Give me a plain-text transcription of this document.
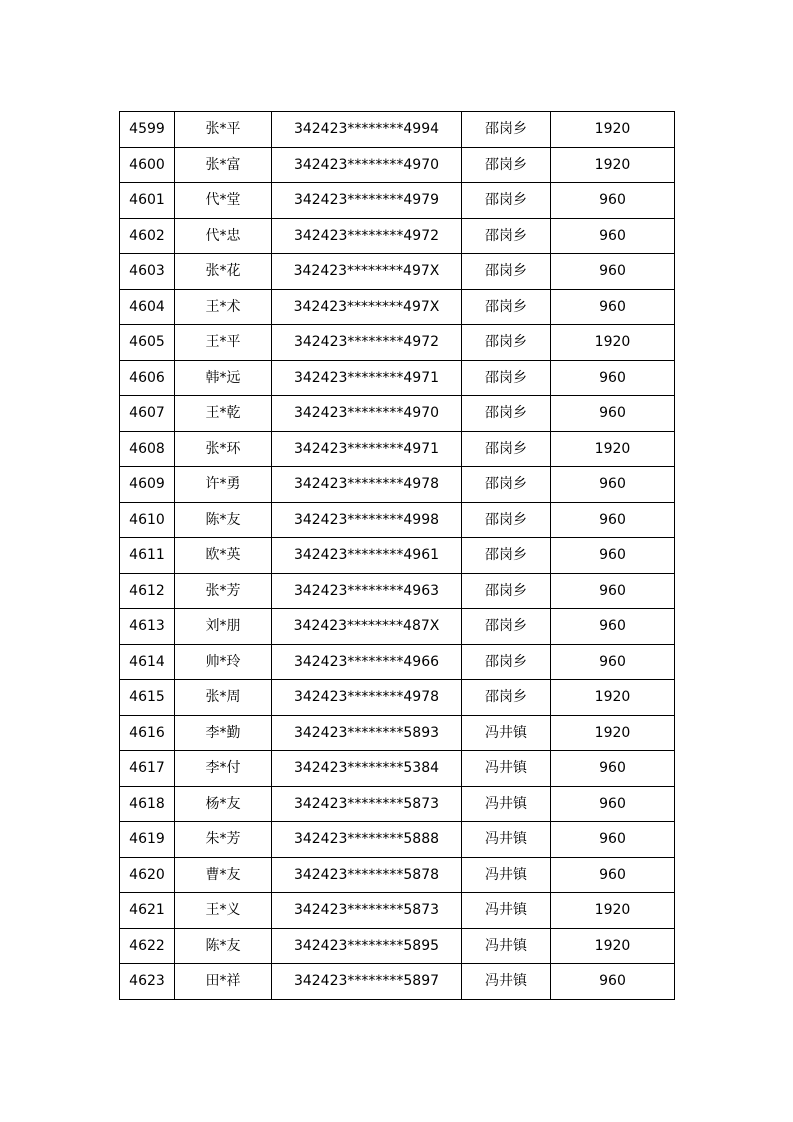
4599	张*平	342423********4994	邵岗乡	1920
4600	张*富	342423********4970	邵岗乡	1920
4601	代*堂	342423********4979	邵岗乡	960
4602	代*忠	342423********4972	邵岗乡	960
4603	张*花	342423********497X	邵岗乡	960
4604	王*术	342423********497X	邵岗乡	960
4605	王*平	342423********4972	邵岗乡	1920
4606	韩*远	342423********4971	邵岗乡	960
4607	王*乾	342423********4970	邵岗乡	960
4608	张*环	342423********4971	邵岗乡	1920
4609	许*勇	342423********4978	邵岗乡	960
4610	陈*友	342423********4998	邵岗乡	960
4611	欧*英	342423********4961	邵岗乡	960
4612	张*芳	342423********4963	邵岗乡	960
4613	刘*朋	342423********487X	邵岗乡	960
4614	帅*玲	342423********4966	邵岗乡	960
4615	张*周	342423********4978	邵岗乡	1920
4616	李*勤	342423********5893	冯井镇	1920
4617	李*付	342423********5384	冯井镇	960
4618	杨*友	342423********5873	冯井镇	960
4619	朱*芳	342423********5888	冯井镇	960
4620	曹*友	342423********5878	冯井镇	960
4621	王*义	342423********5873	冯井镇	1920
4622	陈*友	342423********5895	冯井镇	1920
4623	田*祥	342423********5897	冯井镇	960
